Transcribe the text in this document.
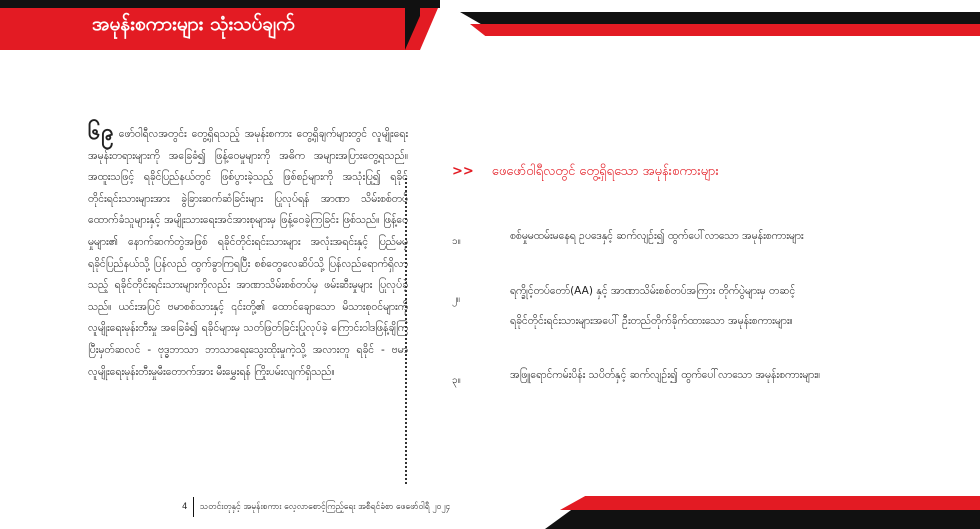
အမုန်းစကားများ သုံးသပ်ချက်
၆၉ ဖော်ဝါရီလအတွင်း တွေ့ရှိရသည့် အမုန်းစကား တွေ့ရှိချက်များတွင် လူမျိုးရေး အမုန်းတရားများကို အခြေခံ၍ ဖြန့်ဝေမှုများကို အဓိက အများအပြားတွေ့ရသည်။ အထူးသဖြင့် ရခိုင်ပြည်နယ်တွင် ဖြစ်ပွားခဲ့သည့် ဖြစ်စဉ်များကို အသုံးပြု၍ ရခိုင်တိုင်းရင်းသားများအား ခွဲခြားဆက်ဆံခြင်းများ ပြုလုပ်ရန် အာဏာ သိမ်းစစ်တပ် ထောက်ခံသူများနှင့် အမျိုးသားရေးအင်အားစုများမှ ဖြန့်ဝေခဲ့ကြခြင်း ဖြစ်သည်။ ဖြန့်ဝေမှုများ၏ နောက်ဆက်တွဲအဖြစ် ရခိုင်တိုင်းရင်းသားများ အလုံးအရင်းနှင့် ပြည်မမှ ရခိုင်ပြည်နယ်သို့ ပြန်လည် ထွက်ခွာကြရပြီး စစ်တွေလေဆိပ်သို့ ပြန်လည်ရောက်ရှိလာသည့် ရခိုင်တိုင်းရင်းသားများကိုလည်း အာဏာသိမ်းစစ်တပ်မှ ဖမ်းဆီးမှုများ ပြုလုပ်ခဲ့သည်။ ယင်းအပြင် ဗမာစစ်သားနှင့် ၎င်းတို့၏ ထောင်ချောသော မိသားစုဝင်များကို လူမျိုးရေးမုန်းတီးမှု အခြေခံ၍ ရခိုင်များမှ သတ်ဖြတ်ခြင်းပြုလုပ်ခဲ့ ကြောင်းဝါဒဖြန့်ချိကြပြီးမှတ်ဆလင် - ဗုဒ္ဓဘာသာ ဘာသာရေးသွေးထိုးမှုကဲ့သို့ အလားတူ ရခိုင် - ဗမာ လူမျိုးရေးမုန်းတီးမှုမီးတောက်အား မီးမွှေးရန် ကြိုးပမ်းလျက်ရှိသည်။
>> ဖေဖော်ဝါရီလတွင် တွေ့ရှိရသော အမုန်းစကားများ
၁။	စစ်မှုမထမ်းမနေရ ဥပဒေနှင့် ဆက်လျဉ်း၍ ထွက်ပေါ်လာသော အမုန်းစကားများ
၂။
ရက္ခိုင့်တပ်တော်(AA) နှင့် အာဏာသိမ်းစစ်တပ်အကြား တိုက်ပွဲများမှ တဆင့်
ရခိုင်တိုင်းရင်းသားများအပေါ် ဦးတည်တိုက်ခိုက်ထားသော အမုန်းစကားများ။
၃။	အဖြူရောင်ကမ်းပိန်း သပိတ်နှင့် ဆက်လျဉ်း၍ ထွက်ပေါ်လာသော အမုန်းစကားများ။
4 သတင်းတုနှင့် အမုန်းစကား လေ့လာစောင့်ကြည့်ရေး အစီရင်ခံစာ ဖေဖော်ဝါရီ ၂၀၂၄
